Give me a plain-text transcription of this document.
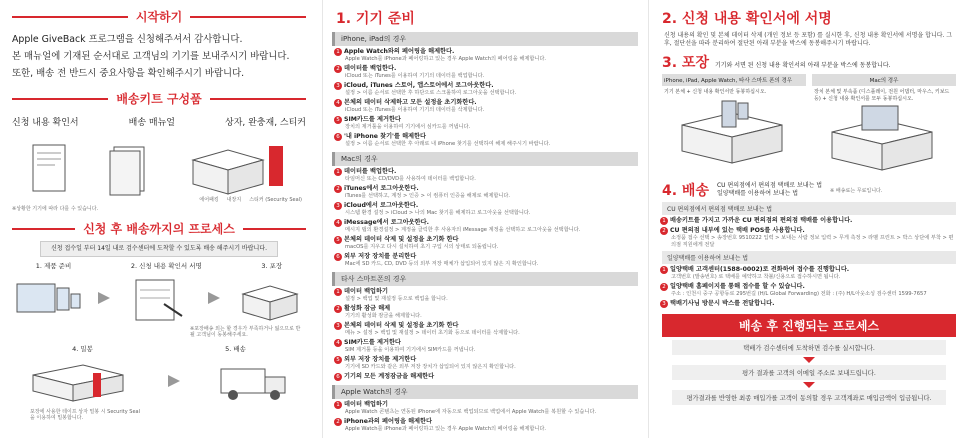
시작하기

Apple GiveBack 프로그램을 신청해주셔서 감사합니다.

본 매뉴얼에 기재된 순서대로 고객님의 기기를 보내주시기 바랍니다.

또한, 배송 전 반드시 중요사항을 확인해주시기 바랍니다.

배송키트 구성품
신청 내용 확인서	배송 매뉴얼	상자, 완충재, 스티커
에어패킹 내장지 스티커 (Security Seal)
※상황한 기기에 따라 다를 수 있습니다.
신청 후 배송까지의 프로세스
신청 접수일 부터 14일 내로 검수센터에 도착할 수 있도록 배송 해주시기 바랍니다.
1. 제품 준비	2. 신청 내용 확인서 서명	3. 포장
※포장배송 외는 할 경우가 부족하거나 잃으므로 반 될 고객님이 동봉해주세요.
4. 밀봉	5. 배송
포장에 사용한 테이프 상자 밀봉 시 Security Seal을 이용하여 밀봉합니다.
1. 기기 준비
iPhone, iPad의 경우
1 Apple Watch와의 페어링을 해제한다.
Apple Watch를 iPhone과 페어링하고 있는 경우 Apple Watch의 페어링을 해제합니다.
2 데이터를 백업한다.
iCloud 또는 iTunes를 이용하여 기기의 데이터를 백업합니다.
3 iCloud, iTunes 스토어, 앱스토어에서 로그아웃한다.
설정 > 이름 순서로 선택한 후 하단으로 스크롤하여 로그아웃을 선택합니다.
4 본체의 데이터 삭제하고 모든 설정을 초기화한다.
iCloud 또는 iTunes를 이용하여 기기의 데이터를 삭제합니다.
5 SIM카드를 제거한다
장치의 제거툴을 이용하여 기기에서 심카드를 꺼냅니다.
6 '내 iPhone 찾기'를 해제한다
설정 > 이름 순서로 선택한 후 아래로 내 iPhone 찾기를 선택하여 해제 해주시기 바랍니다.
Mac의 경우
1 데이터를 백업한다.
타임머신 또는 CD/DVD를 사용하여 데이터를 백업합니다.
2 iTunes에서 로그아웃한다.
iTunes를 선택하고, 계정 > 인증 > 이 컴퓨터 인증을 해제로 해제합니다.
3 iCloud에서 로그아웃한다.
시스템 환경 설정 > iCloud > 나의 Mac 찾기를 해제하고 로그아웃을 선택합니다.
4 iMessage에서 로그아웃한다.
메시지 탭의 환경설정 > 계정을 클릭한 후 사용자의 iMessage 계정을 선택하고 로그아웃을 선택합니다.
5 본체의 데이터 삭제 및 설정을 초기화 한다
macOS를 지우고 다시 설치하여 초기 구입 시의 상태로 되돌립니다.
6 외부 저장 장치를 분리한다
Mac에 SD 카드, CD, DVD 등의 외부 저장 매체가 삽입되어 있지 않은 지 확인합니다.
타사 스마트폰의 경우
1 데이터 백업하기
설정 > 백업 및 재설정 등으로 백업을 합니다.
2 활성화 잠금 해제
기기의 활성화 잠금을 해제합니다.
3 본체의 데이터 삭제 및 설정을 초기화 한다
메뉴 > 설정 > 백업 및 재설정 > 데이터 초기화 등으로 데이터를 삭제합니다.
4 SIM카드를 제거한다
SIM 제거툴 등을 이용하여 기기에서 SIM카드를 꺼냅니다.
5 외부 저장 장치를 제거한다
기기에 SD 카드와 같은 외부 저장 장치가 삽입되어 있지 않은지 확인합니다.
6 기기의 모든 계정잠금을 해제한다
Apple Watch의 경우
1 데이터 백업하기
Apple Watch 콘텐츠는 연동된 iPhone에 자동으로 백업되므로 백업에서 Apple Watch를 복원할 수 있습니다.
2 iPhone과의 페어링을 해제한다
Apple Watch를 iPhone과 페어링하고 있는 경우 Apple Watch의 페어링을 해제합니다.
2. 신청 내용 확인서에 서명
신청 내용의 확인 및 본체 데이터 삭제 (개인 정보 등 포함) 를 실시한 후, 신청 내용 확인서에 서명을 합니다. 그 후, 절단선을 따라 분리하여 절단된 아래 부분을 박스에 동봉해주시기 바랍니다.
3. 포장 기기와 서면 된 신청 내용 확인서의 아래 부분을 박스에 동봉합니다.
iPhone, iPad, Apple Watch, 타사 스마트 폰의 경우
기기 본체 + 신청 내용 확인서만 동봉하십시오.
Mac의 경우
장치 본체 및 부속품 (디스플레이, 전원 어댑터, 마우스, 키보드 등) + 신청 내용 확인서를 모두 동봉하십시오.
4. 배송 CU 편의점에서 편의점 택배로 보내는 법
일양택배를 이용하여 보내는 법	※ 배송료는 무료입니다.
CU 편의점에서 편의점 택배로 보내는 법
1 배송키트를 가지고 가까운 CU 편의점의 편의점 택배를 이용합니다.
2 CU 편의점 내부에 있는 택배 POS를 사용합니다.
소정품 접수 선택 > 송장번호 9510222 입력 > 보내는 사람 정보 입력 > 무게 측정 > 라벨 프린트 > 박스 상단에 부착 > 편의점 직원에게 전달
일양택배를 이용하여 보내는 법
1 일양택배 고객센터(1588-0002)로 전화하여 접수를 진행합니다.
고객번호 (발송번호) 로 택배를 예약하고 착불/신용으로 접수하시면 됩니다.
2 일양택배 홈페이지를 통해 접수를 할 수 있습니다.
주소 : 인천시 중구 공항동로 295번길 (H/L Global Forwarding) 전화 : (주) H/L아웃소싱 검수센터 1599-7657
3 택배기사님 방문시 박스를 전달합니다.
배송 후 진행되는 프로세스
택배가 검수센터에 도착하면 검수를 실시합니다.
평가 결과를 고객의 이메일 주소로 보내드립니다.
평가결과를 반영한 최종 매입가를 고객이 동의할 경우 고객계좌로 매입금액이 입금됩니다.
